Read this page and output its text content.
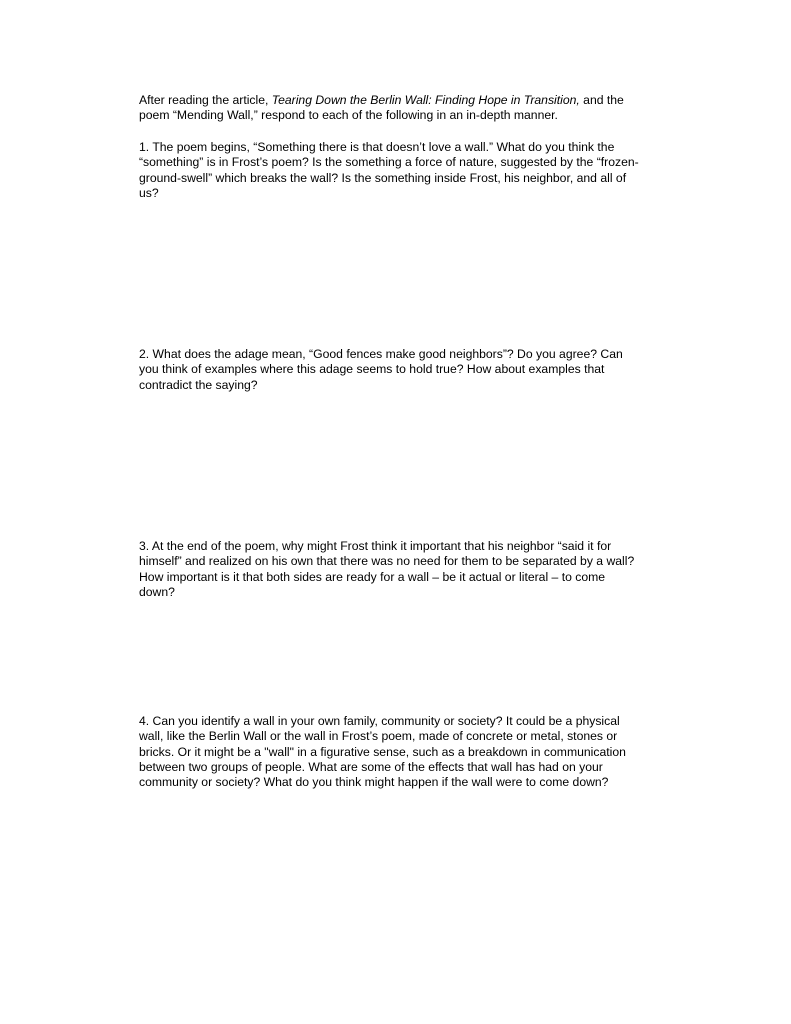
After reading the article, Tearing Down the Berlin Wall: Finding Hope in Transition, and the
poem “Mending Wall,” respond to each of the following in an in-depth manner.

1. The poem begins, “Something there is that doesn’t love a wall.” What do you think the
“something” is in Frost’s poem? Is the something a force of nature, suggested by the “frozen-
ground-swell” which breaks the wall? Is the something inside Frost, his neighbor, and all of
us?

2. What does the adage mean, “Good fences make good neighbors”? Do you agree? Can
you think of examples where this adage seems to hold true? How about examples that
contradict the saying?

3. At the end of the poem, why might Frost think it important that his neighbor “said it for
himself” and realized on his own that there was no need for them to be separated by a wall?
How important is it that both sides are ready for a wall – be it actual or literal – to come
down?

4. Can you identify a wall in your own family, community or society? It could be a physical
wall, like the Berlin Wall or the wall in Frost’s poem, made of concrete or metal, stones or
bricks. Or it might be a "wall" in a figurative sense, such as a breakdown in communication
between two groups of people. What are some of the effects that wall has had on your
community or society? What do you think might happen if the wall were to come down?
